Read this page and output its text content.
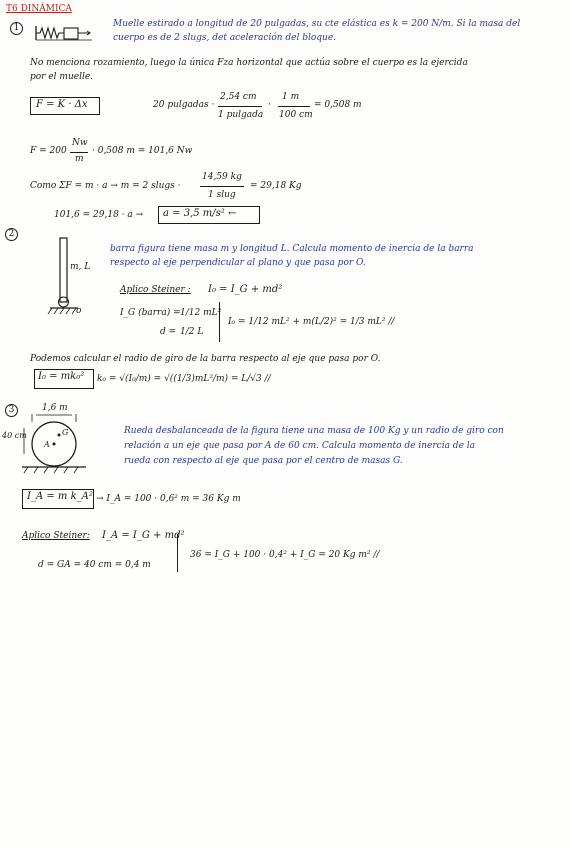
T6 DINÁMICA
1	Muelle estirado a longitud de 20 pulgadas, su cte elástica es k = 200 N/m. Si la masa del
cuerpo es de 2 slugs, det aceleración del bloque.
No menciona rozamiento, luego la única Fza horizontal que actúa sobre el cuerpo es la ejercida
por el muelle.
F = K · Δx	20 pulgadas ·
2,54 cm
1 pulgada
·
1 m
100 cm
= 0,508 m
F = 200
Nw
m
· 0,508 m = 101,6 Nw
Como ΣF = m · a → m = 2 slugs ·
14,59 kg
1 slug
= 29,18 Kg
101,6 = 29,18 · a → a = 3,5 m/s² ←
2
m, L
o
barra figura tiene masa m y longitud L. Calcula momento de inercia de la barra
respecto al eje perpendicular al plano y que pasa por O.
Aplico Steiner : I₀ = I_G + md²
I_G (barra) = 1/12 mL²
d = 1/2 L
I₀ = 1/12 mL² + m(L/2)² = 1/3 mL² //
Podemos calcular el radio de giro de la barra respecto al eje que pasa por O.
I₀ = mk₀² k₀ = √(I₀/m) = √((1/3)mL²/m) = L/√3 //
3	1,6 m
40 cm	G
A
Rueda desbalanceada de la figura tiene una masa de 100 Kg y un radio de giro con
relación a un eje que pasa por A de 60 cm. Calcula momento de inercia de la
rueda con respecto al eje que pasa por el centro de masas G.
I_A = m k_A² → I_A = 100 · 0,6² m = 36 Kg m
Aplico Steiner: I_A = I_G + md²
d = GA = 40 cm = 0,4 m
36 = I_G + 100 · 0,4² + I_G = 20 Kg m² //
